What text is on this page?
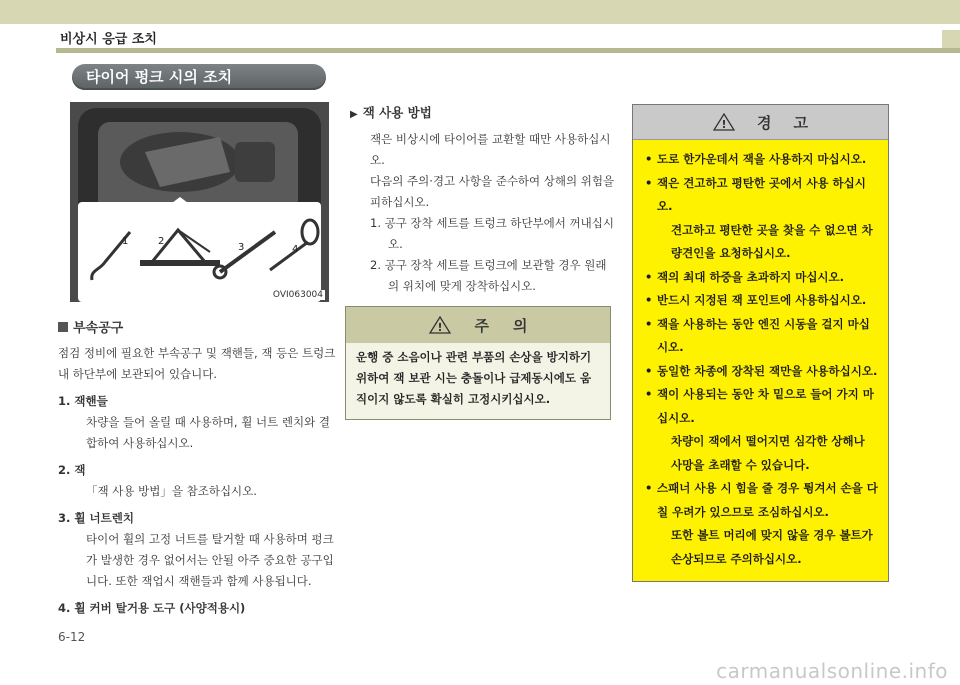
비상시 응급 조치
타이어 펑크 시의 조치
1	2
3	4
OVI063004
부속공구
점검 정비에 필요한 부속공구 및 잭핸들, 잭 등은 트렁크 내 하단부에 보관되어 있습니다.
1. 잭핸들
차량을 들어 올릴 때 사용하며, 휠 너트 렌치와 결합하여 사용하십시오.
2. 잭
「잭 사용 방법」을 참조하십시오.
3. 휠 너트렌치
타이어 휠의 고정 너트를 탈거할 때 사용하며 펑크가 발생한 경우 없어서는 안될 아주 중요한 공구입니다. 또한 잭업시 잭핸들과 함께 사용됩니다.
4. 휠 커버 탈거용 도구 (사양적용시)
6-12
▶ 잭 사용 방법
잭은 비상시에 타이어를 교환할 때만 사용하십시오.
다음의 주의·경고 사항을 준수하여 상해의 위험을 피하십시오.
1. 공구 장착 세트를 트렁크 하단부에서 꺼내십시오.
2. 공구 장착 세트를 트렁크에 보관할 경우 원래의 위치에 맞게 장착하십시오.
! 주 의
운행 중 소음이나 관련 부품의 손상을 방지하기 위하여 잭 보관 시는 충돌이나 급제동시에도 움직이지 않도록 확실히 고정시키십시오.
! 경 고
• 도로 한가운데서 잭을 사용하지 마십시오.
• 잭은 견고하고 평탄한 곳에서 사용 하십시오.
견고하고 평탄한 곳을 찾을 수 없으면 차량견인을 요청하십시오.
• 잭의 최대 하중을 초과하지 마십시오.
• 반드시 지정된 잭 포인트에 사용하십시오.
• 잭을 사용하는 동안 엔진 시동을 걸지 마십시오.
• 동일한 차종에 장착된 잭만을 사용하십시오.
• 잭이 사용되는 동안 차 밑으로 들어 가지 마십시오.
차량이 잭에서 떨어지면 심각한 상해나 사망을 초래할 수 있습니다.
• 스패너 사용 시 힘을 줄 경우 튕겨서 손을 다칠 우려가 있으므로 조심하십시오.
또한 볼트 머리에 맞지 않을 경우 볼트가 손상되므로 주의하십시오.
carmanualsonline.info
